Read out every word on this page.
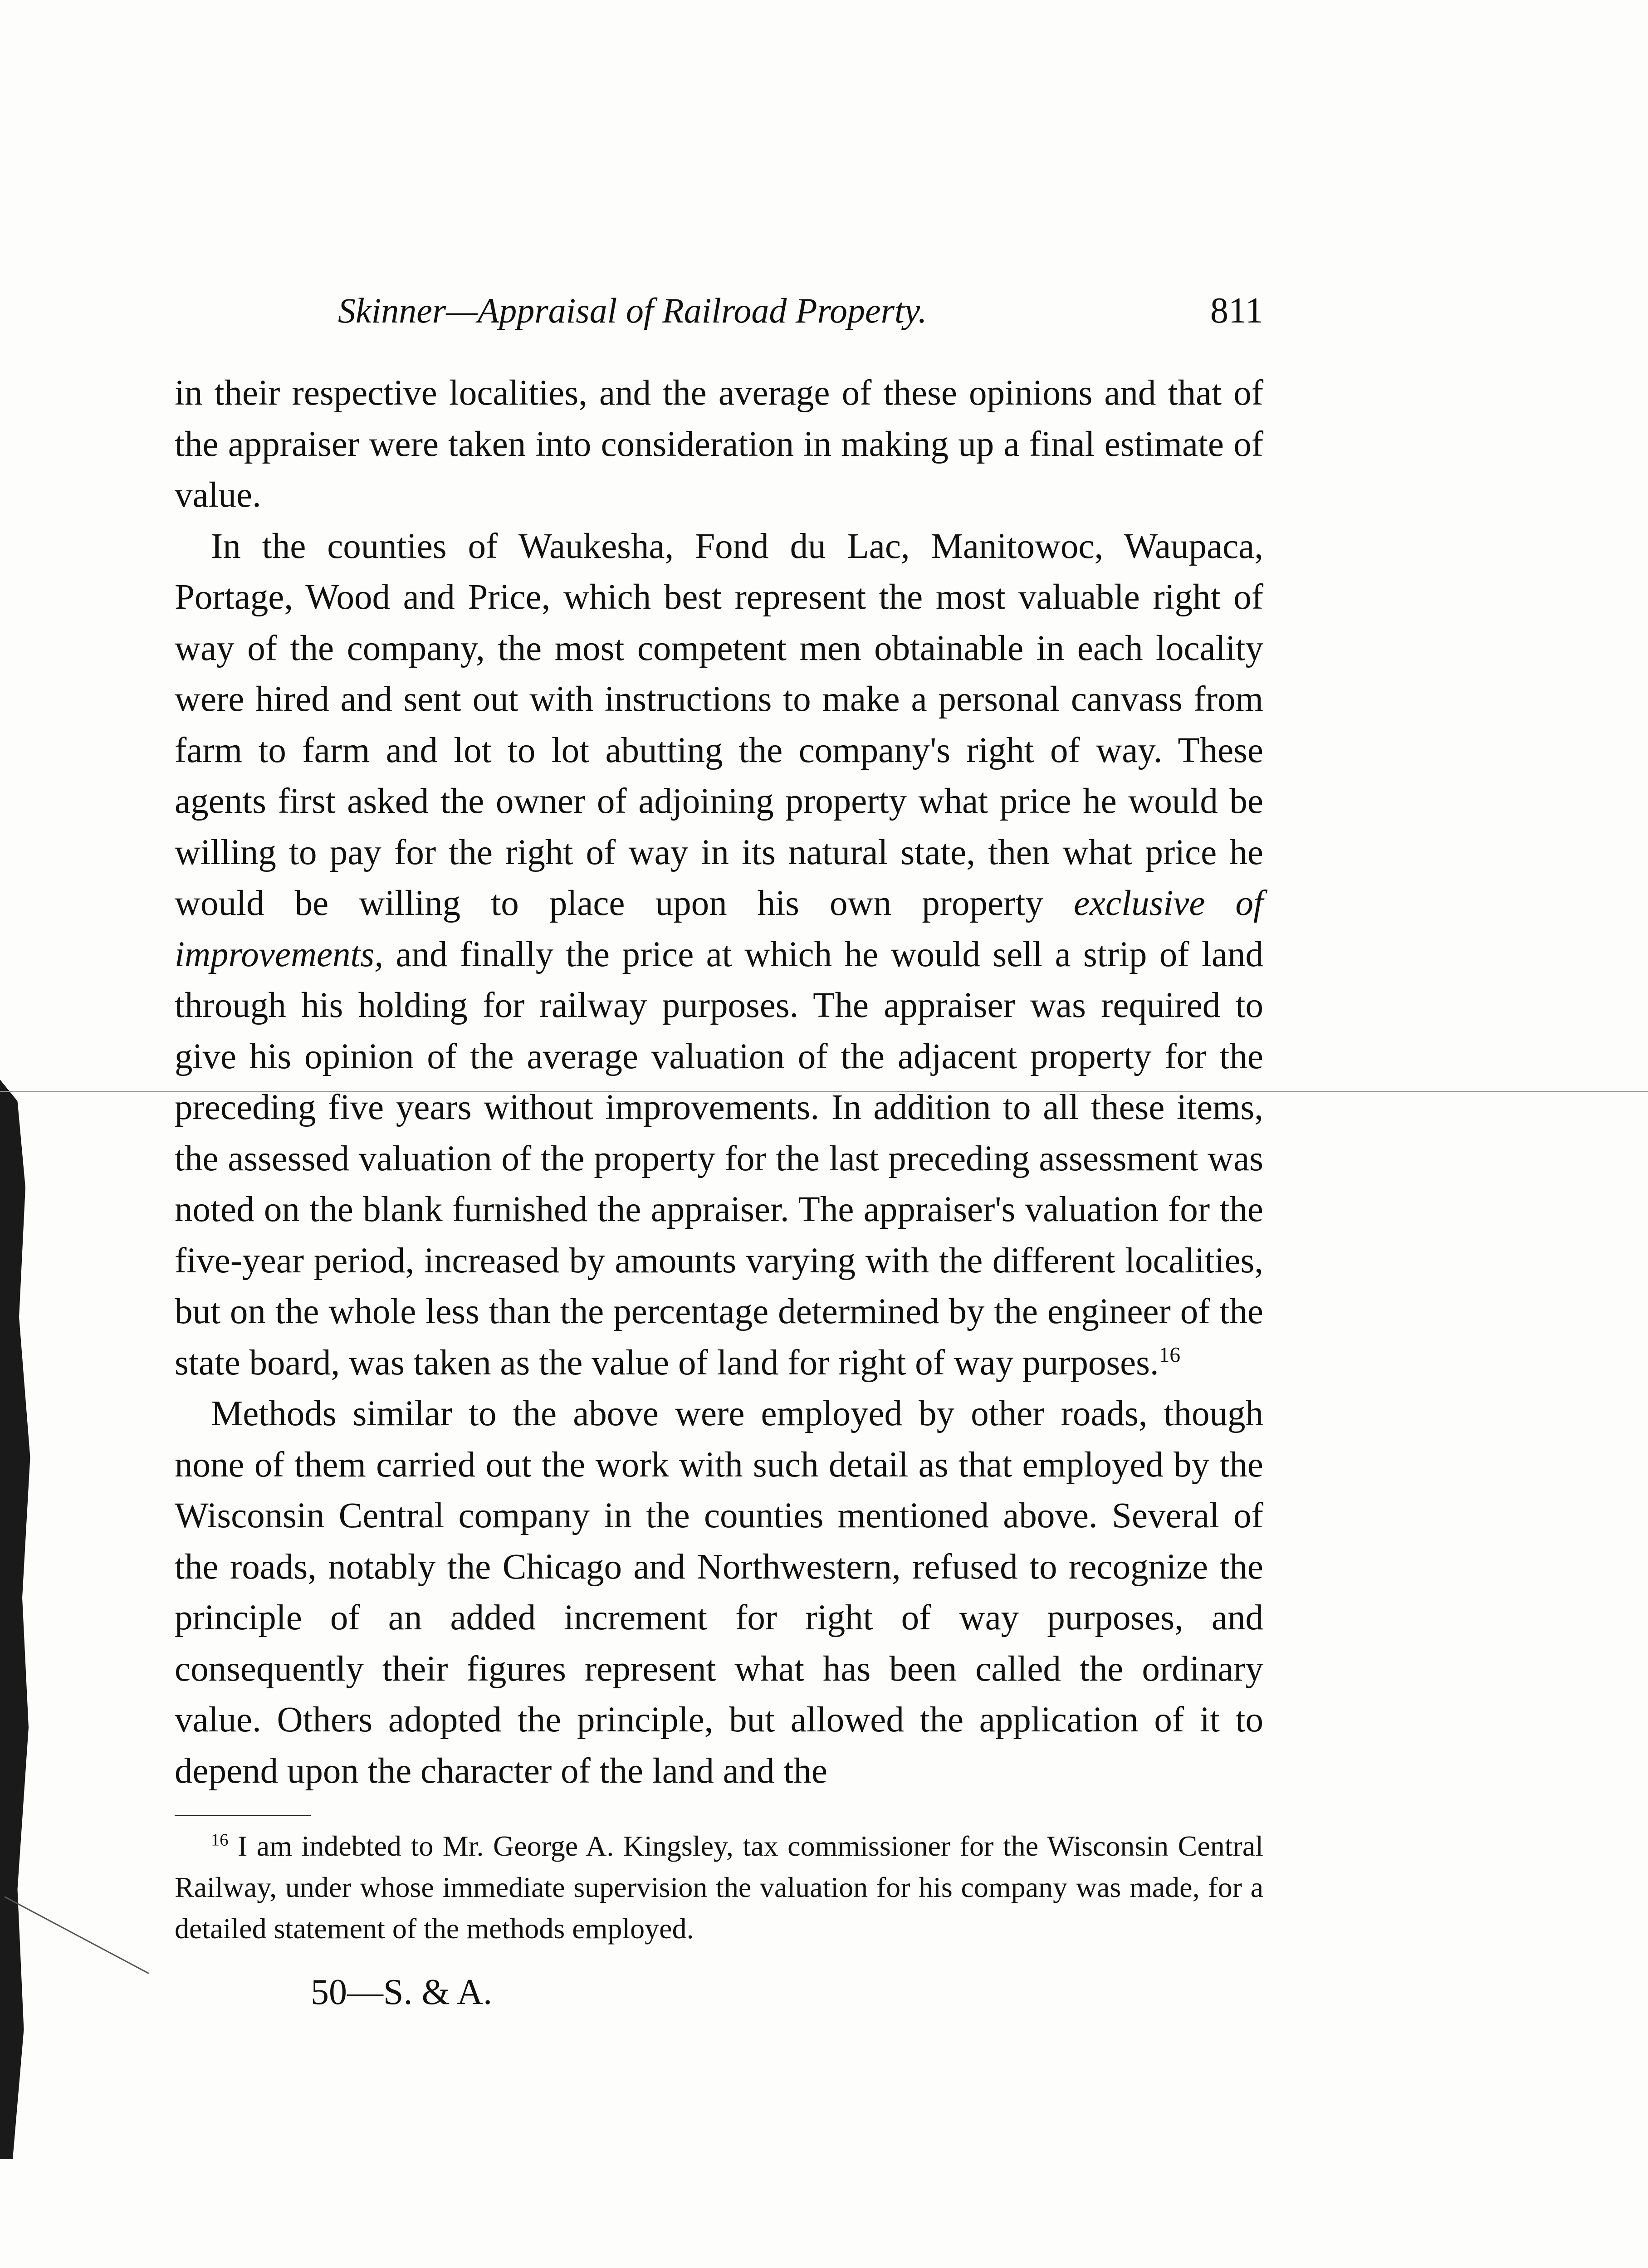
Skinner—Appraisal of Railroad Property.	811

in their respective localities, and the average of these opinions and that of the appraiser were taken into consideration in making up a final estimate of value.

In the counties of Waukesha, Fond du Lac, Manitowoc, Waupaca, Portage, Wood and Price, which best represent the most valuable right of way of the company, the most competent men obtainable in each locality were hired and sent out with instructions to make a personal canvass from farm to farm and lot to lot abutting the company's right of way. These agents first asked the owner of adjoining property what price he would be willing to pay for the right of way in its natural state, then what price he would be willing to place upon his own property exclusive of improvements, and finally the price at which he would sell a strip of land through his holding for railway purposes. The appraiser was required to give his opinion of the average valuation of the adjacent property for the preceding five years without improvements. In addition to all these items, the assessed valuation of the property for the last preceding assessment was noted on the blank furnished the appraiser. The appraiser's valuation for the five-year period, increased by amounts varying with the different localities, but on the whole less than the percentage determined by the engineer of the state board, was taken as the value of land for right of way purposes.$^{16}$

Methods similar to the above were employed by other roads, though none of them carried out the work with such detail as that employed by the Wisconsin Central company in the counties mentioned above. Several of the roads, notably the Chicago and Northwestern, refused to recognize the principle of an added increment for right of way purposes, and consequently their figures represent what has been called the ordinary value. Others adopted the principle, but allowed the application of it to depend upon the character of the land and the

$^{16}$ I am indebted to Mr. George A. Kingsley, tax commissioner for the Wisconsin Central Railway, under whose immediate supervision the valuation for his company was made, for a detailed statement of the methods employed.

50—S. & A.
